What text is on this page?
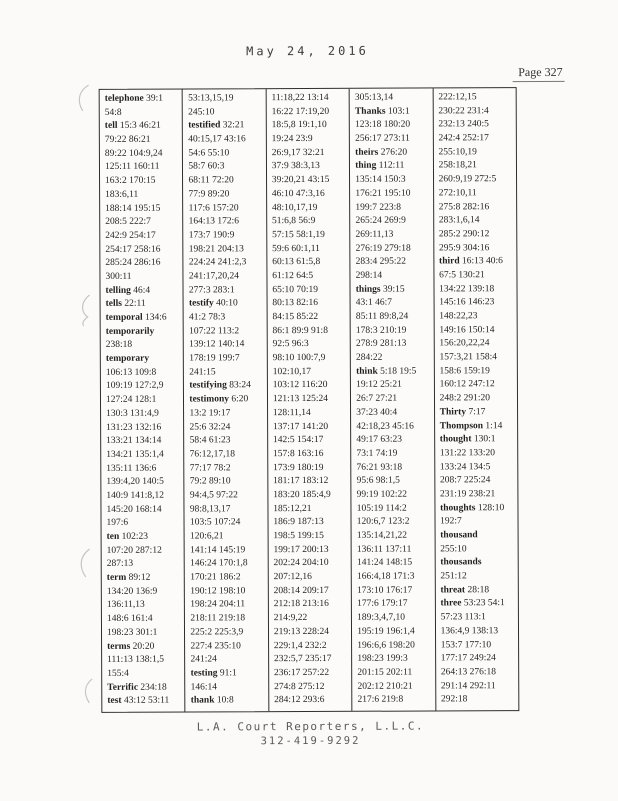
May 24, 2016
Page 327
telephone 39:1
54:8
tell 15:3 46:21
79:22 86:21
89:22 104:9,24
125:11 160:11
163:2 170:15
183:6,11
188:14 195:15
208:5 222:7
242:9 254:17
254:17 258:16
285:24 286:16
300:11
telling 46:4
tells 22:11
temporal 134:6
temporarily
238:18
temporary
106:13 109:8
109:19 127:2,9
127:24 128:1
130:3 131:4,9
131:23 132:16
133:21 134:14
134:21 135:1,4
135:11 136:6
139:4,20 140:5
140:9 141:8,12
145:20 168:14
197:6
ten 102:23
107:20 287:12
287:13
term 89:12
134:20 136:9
136:11,13
148:6 161:4
198:23 301:1
terms 20:20
111:13 138:1,5
155:4
Terrific 234:18
test 43:12 53:11
53:13,15,19
245:10
testified 32:21
40:15,17 43:16
54:6 55:10
58:7 60:3
68:11 72:20
77:9 89:20
117:6 157:20
164:13 172:6
173:7 190:9
198:21 204:13
224:24 241:2,3
241:17,20,24
277:3 283:1
testify 40:10
41:2 78:3
107:22 113:2
139:12 140:14
178:19 199:7
241:15
testifying 83:24
testimony 6:20
13:2 19:17
25:6 32:24
58:4 61:23
76:12,17,18
77:17 78:2
79:2 89:10
94:4,5 97:22
98:8,13,17
103:5 107:24
120:6,21
141:14 145:19
146:24 170:1,8
170:21 186:2
190:12 198:10
198:24 204:11
218:11 219:18
225:2 225:3,9
227:4 235:10
241:24
testing 91:1
146:14
thank 10:8
11:18,22 13:14
16:22 17:19,20
18:5,8 19:1,10
19:24 23:9
26:9,17 32:21
37:9 38:3,13
39:20,21 43:15
46:10 47:3,16
48:10,17,19
51:6,8 56:9
57:15 58:1,19
59:6 60:1,11
60:13 61:5,8
61:12 64:5
65:10 70:19
80:13 82:16
84:15 85:22
86:1 89:9 91:8
92:5 96:3
98:10 100:7,9
102:10,17
103:12 116:20
121:13 125:24
128:11,14
137:17 141:20
142:5 154:17
157:8 163:16
173:9 180:19
181:17 183:12
183:20 185:4,9
185:12,21
186:9 187:13
198:5 199:15
199:17 200:13
202:24 204:10
207:12,16
208:14 209:17
212:18 213:16
214:9,22
219:13 228:24
229:1,4 232:2
232:5,7 235:17
236:17 257:22
274:8 275:12
284:12 293:6
305:13,14
Thanks 103:1
123:18 180:20
256:17 273:11
theirs 276:20
thing 112:11
135:14 150:3
176:21 195:10
199:7 223:8
265:24 269:9
269:11,13
276:19 279:18
283:4 295:22
298:14
things 39:15
43:1 46:7
85:11 89:8,24
178:3 210:19
278:9 281:13
284:22
think 5:18 19:5
19:12 25:21
26:7 27:21
37:23 40:4
42:18,23 45:16
49:17 63:23
73:1 74:19
76:21 93:18
95:6 98:1,5
99:19 102:22
105:19 114:2
120:6,7 123:2
135:14,21,22
136:11 137:11
141:24 148:15
166:4,18 171:3
173:10 176:17
177:6 179:17
189:3,4,7,10
195:19 196:1,4
196:6,6 198:20
198:23 199:3
201:15 202:11
202:12 210:21
217:6 219:8
222:12,15
230:22 231:4
232:13 240:5
242:4 252:17
255:10,19
258:18,21
260:9,19 272:5
272:10,11
275:8 282:16
283:1,6,14
285:2 290:12
295:9 304:16
third 16:13 40:6
67:5 130:21
134:22 139:18
145:16 146:23
148:22,23
149:16 150:14
156:20,22,24
157:3,21 158:4
158:6 159:19
160:12 247:12
248:2 291:20
Thirty 7:17
Thompson 1:14
thought 130:1
131:22 133:20
133:24 134:5
208:7 225:24
231:19 238:21
thoughts 128:10
192:7
thousand
255:10
thousands
251:12
threat 28:18
three 53:23 54:1
57:23 113:1
136:4,9 138:13
153:7 177:10
177:17 249:24
264:13 276:18
291:14 292:11
292:18
L.A. Court Reporters, L.L.C.
312-419-9292
